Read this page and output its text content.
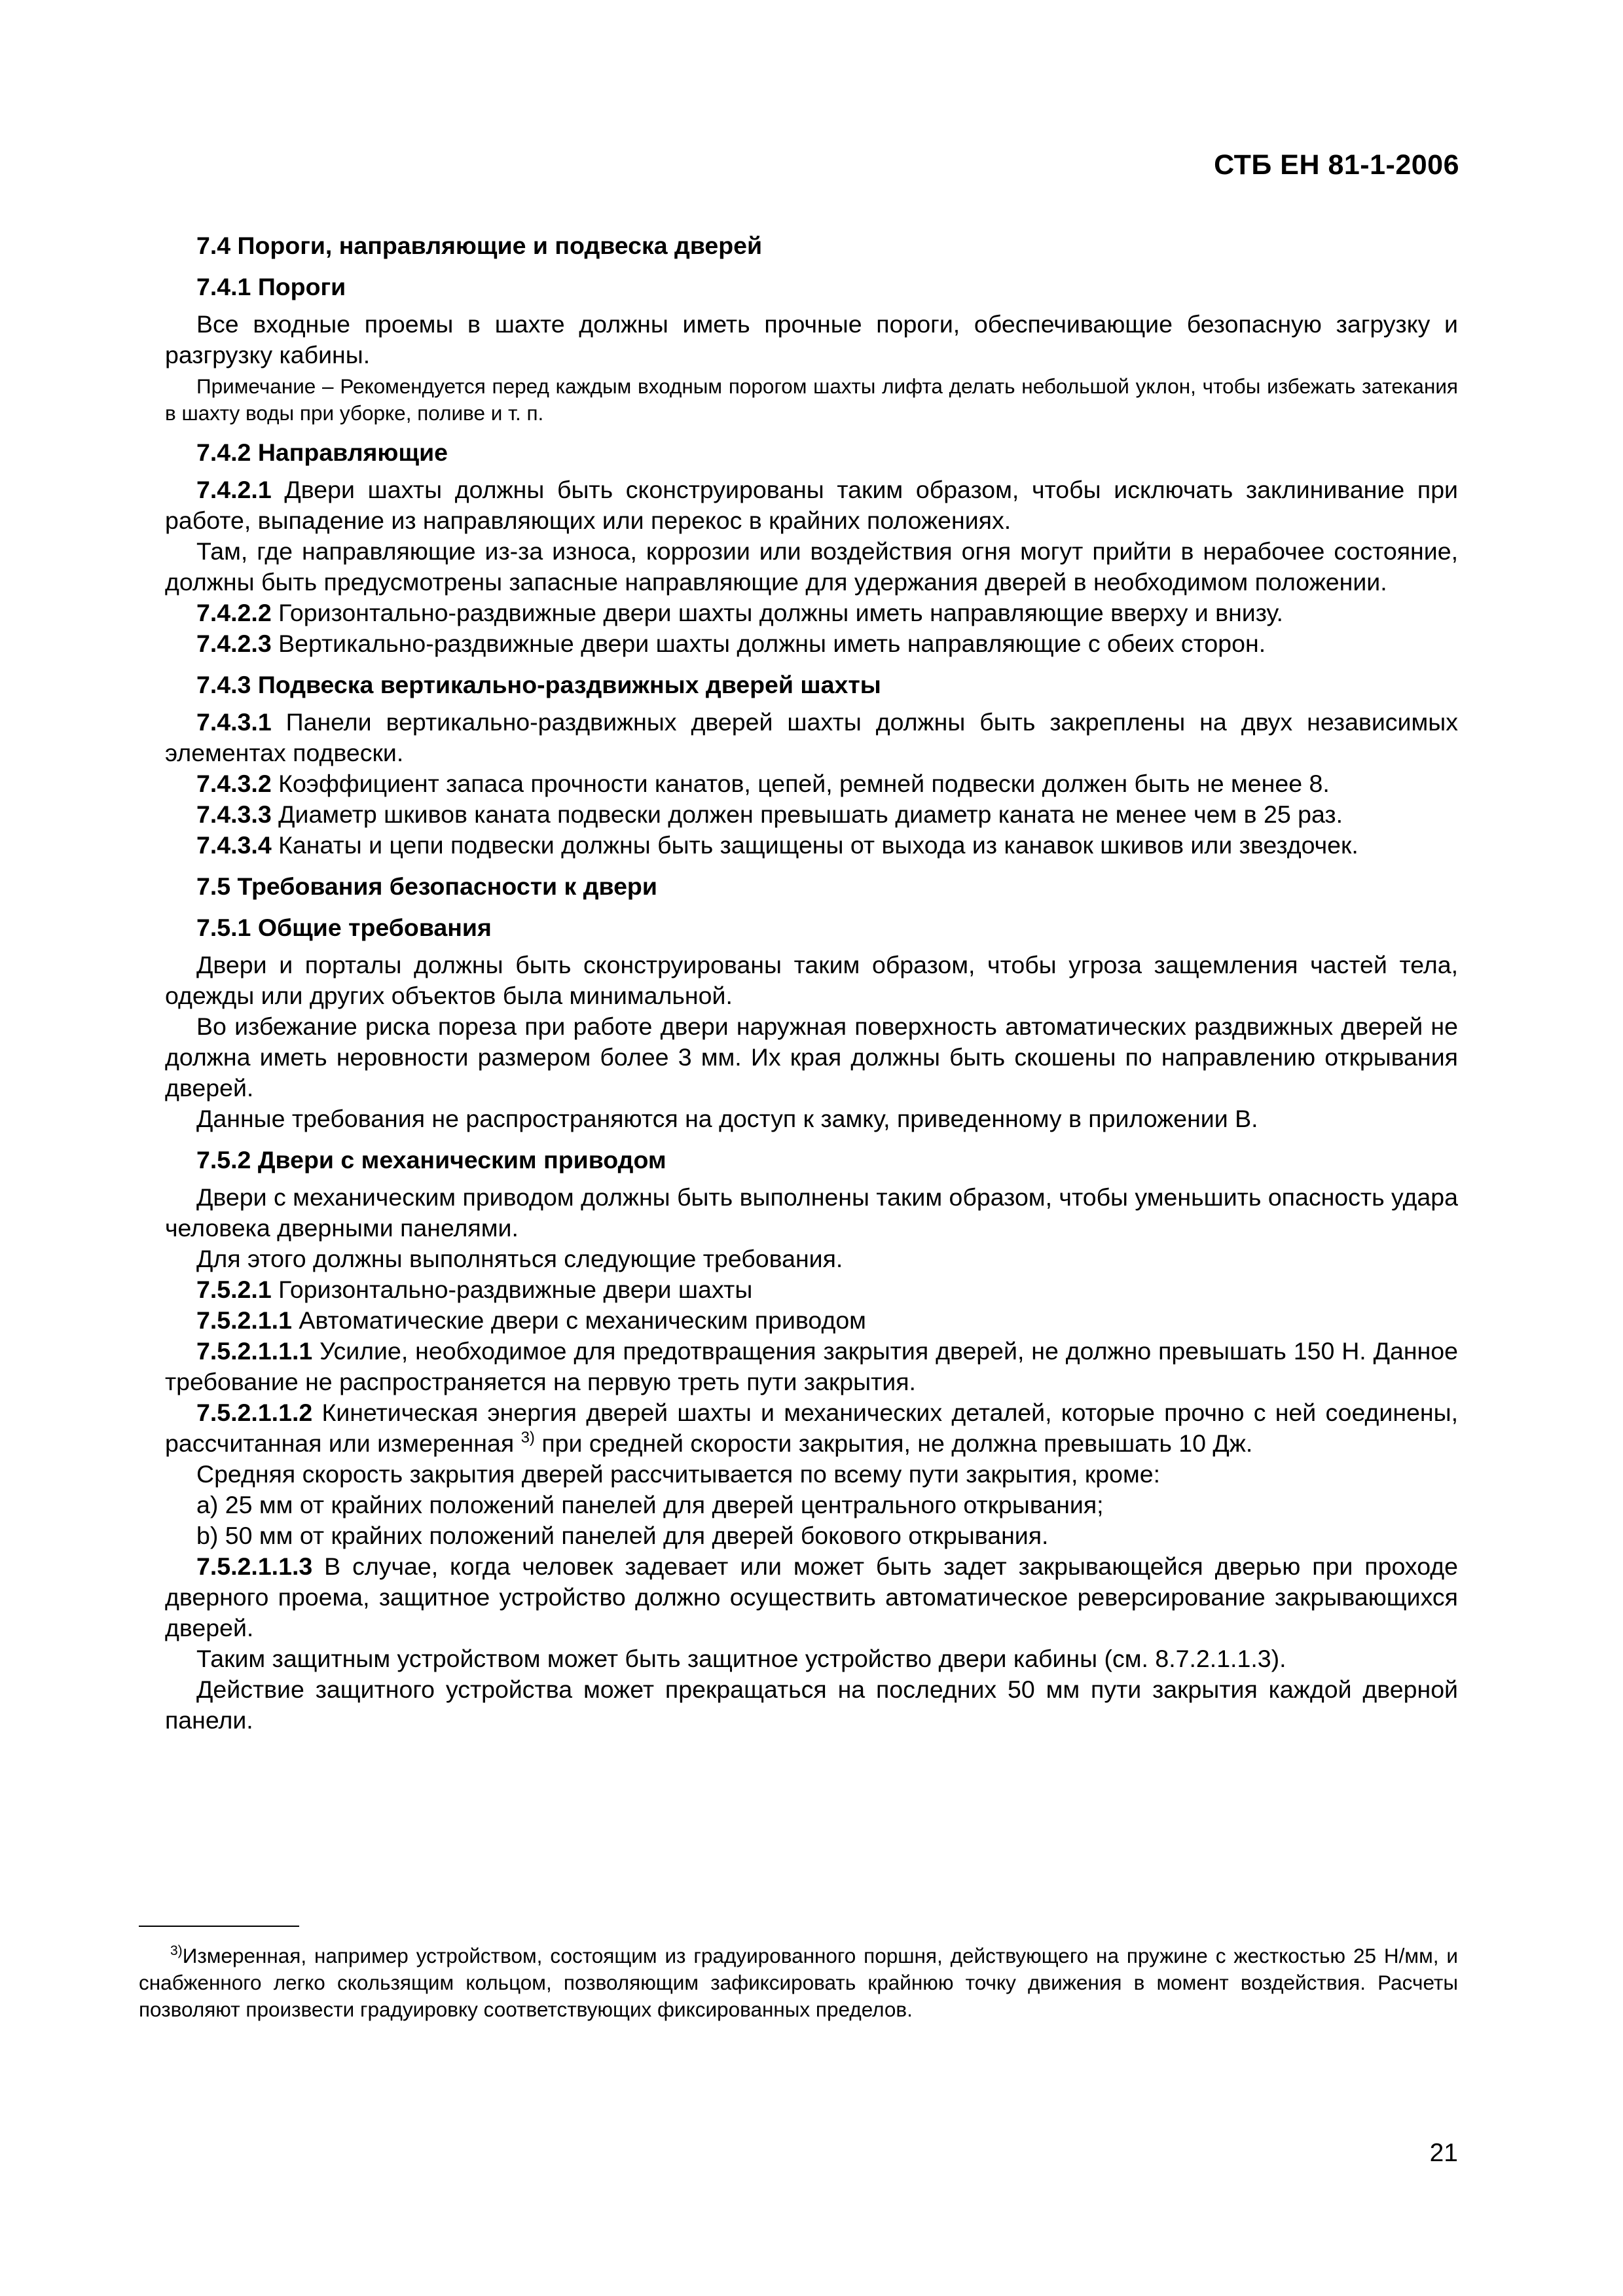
СТБ ЕН 81-1-2006
7.4 Пороги, направляющие и подвеска дверей
7.4.1 Пороги

Все входные проемы в шахте должны иметь прочные пороги, обеспечивающие безопасную загрузку и разгрузку кабины.

Примечание – Рекомендуется перед каждым входным порогом шахты лифта делать небольшой уклон, чтобы избежать затекания в шахту воды при уборке, поливе и т. п.

7.4.2 Направляющие

7.4.2.1 Двери шахты должны быть сконструированы таким образом, чтобы исключать заклинивание при работе, выпадение из направляющих или перекос в крайних положениях.

Там, где направляющие из-за износа, коррозии или воздействия огня могут прийти в нерабочее состояние, должны быть предусмотрены запасные направляющие для удержания дверей в необходимом положении.

7.4.2.2 Горизонтально-раздвижные двери шахты должны иметь направляющие вверху и внизу.

7.4.2.3 Вертикально-раздвижные двери шахты должны иметь направляющие с обеих сторон.

7.4.3 Подвеска вертикально-раздвижных дверей шахты

7.4.3.1 Панели вертикально-раздвижных дверей шахты должны быть закреплены на двух независимых элементах подвески.

7.4.3.2 Коэффициент запаса прочности канатов, цепей, ремней подвески должен быть не менее 8.

7.4.3.3 Диаметр шкивов каната подвески должен превышать диаметр каната не менее чем в 25 раз.

7.4.3.4 Канаты и цепи подвески должны быть защищены от выхода из канавок шкивов или звездочек.

7.5 Требования безопасности к двери
7.5.1 Общие требования

Двери и порталы должны быть сконструированы таким образом, чтобы угроза защемления частей тела, одежды или других объектов была минимальной.

Во избежание риска пореза при работе двери наружная поверхность автоматических раздвижных дверей не должна иметь неровности размером более 3 мм. Их края должны быть скошены по направлению открывания дверей.

Данные требования не распространяются на доступ к замку, приведенному в приложении В.

7.5.2 Двери с механическим приводом

Двери с механическим приводом должны быть выполнены таким образом, чтобы уменьшить опасность удара человека дверными панелями.

Для этого должны выполняться следующие требования.

7.5.2.1 Горизонтально-раздвижные двери шахты

7.5.2.1.1 Автоматические двери с механическим приводом

7.5.2.1.1.1 Усилие, необходимое для предотвращения закрытия дверей, не должно превышать 150 Н. Данное требование не распространяется на первую треть пути закрытия.

7.5.2.1.1.2 Кинетическая энергия дверей шахты и механических деталей, которые прочно с ней соединены, рассчитанная или измеренная $^{3)}$ при средней скорости закрытия, не должна превышать 10 Дж.

Средняя скорость закрытия дверей рассчитывается по всему пути закрытия, кроме:

a) 25 мм от крайних положений панелей для дверей центрального открывания;

b) 50 мм от крайних положений панелей для дверей бокового открывания.

7.5.2.1.1.3 В случае, когда человек задевает или может быть задет закрывающейся дверью при проходе дверного проема, защитное устройство должно осуществить автоматическое реверсирование закрывающихся дверей.

Таким защитным устройством может быть защитное устройство двери кабины (см. 8.7.2.1.1.3).

Действие защитного устройства может прекращаться на последних 50 мм пути закрытия каждой дверной панели.

$^{3)}$Измеренная, например устройством, состоящим из градуированного поршня, действующего на пружине с жесткостью 25 Н/мм, и снабженного легко скользящим кольцом, позволяющим зафиксировать крайнюю точку движения в момент воздействия. Расчеты позволяют произвести градуировку соответствующих фиксированных пределов.
21
